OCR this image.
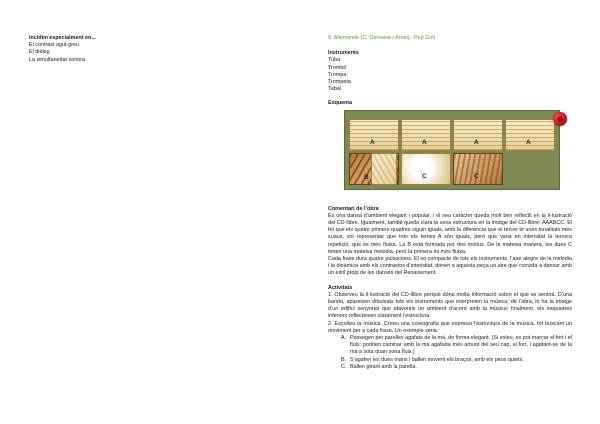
Incidim especialment en...
El contrast agut-greu
El diàleg
La simultaneïtat sonora
9. Allemande (C. Gervaise / Arranj.: Pep Gol)
Instruments
Tuba
Trombó
Trompa
Trompeta
Tabal
Esquema
A	A	A	A
B	C	C
Comentari de l’obra

És una dansa d’ambient elegant i popular, i el seu caràcter queda molt ben reflectit en la il·lustració del CD-llibre. Igualment, també queda clara la seva estructura en la imatge del CD-llibre: AAABCC. El fet que els quatre primers quadres siguin iguals, amb la diferència que el tercer té unes tonalitats més suaus, vol representar que tots els temes A són iguals, però que varia en intensitat la tercera repetició, que és més fluixa. La B està formada per dos motius. De la mateixa manera, les dues C tenen una mateixa melodia, però la primera és més fluixa.

Cada frase dura quatre pulsacions. El so compacte de tots els instruments, l’aire alegre de la melodia i la dinàmica amb els contrastos d’intensitat, donen a aquesta peça un aire que convida a dansar amb un estil propi de les danses del Renaixement.

Activitats

1. Observeu la il·lustració del CD-llibre perquè dóna molta informació sobre el que se sentirà. D’una banda, apareixen dibuixats tots els instruments que interpreten la música; de l’altra, hi ha la imatge d’un edifici senyorial que afavoreix un ambient d’acord amb la música; finalment, els esquadres inferiors reflecteixen clarament l’estructura.

2. Escolteu la música. Creeu una coreografia que expressi l’estructura de la música, tot buscant un moviment per a cada frase. Un exemple seria:

A. Passegen per parelles agafats de la mà, de forma elegant. (Si voleu, es pot marcar el fort i el fluix: podrien caminar amb la mà agafada més amunt del seu cap, al fort, i agafant-se de la mà a sota quan sona fluix.)
B. S’agafen les dues mans i ballen movent els braços, amb els peus quiets.
C. Ballen girant amb la parella.
